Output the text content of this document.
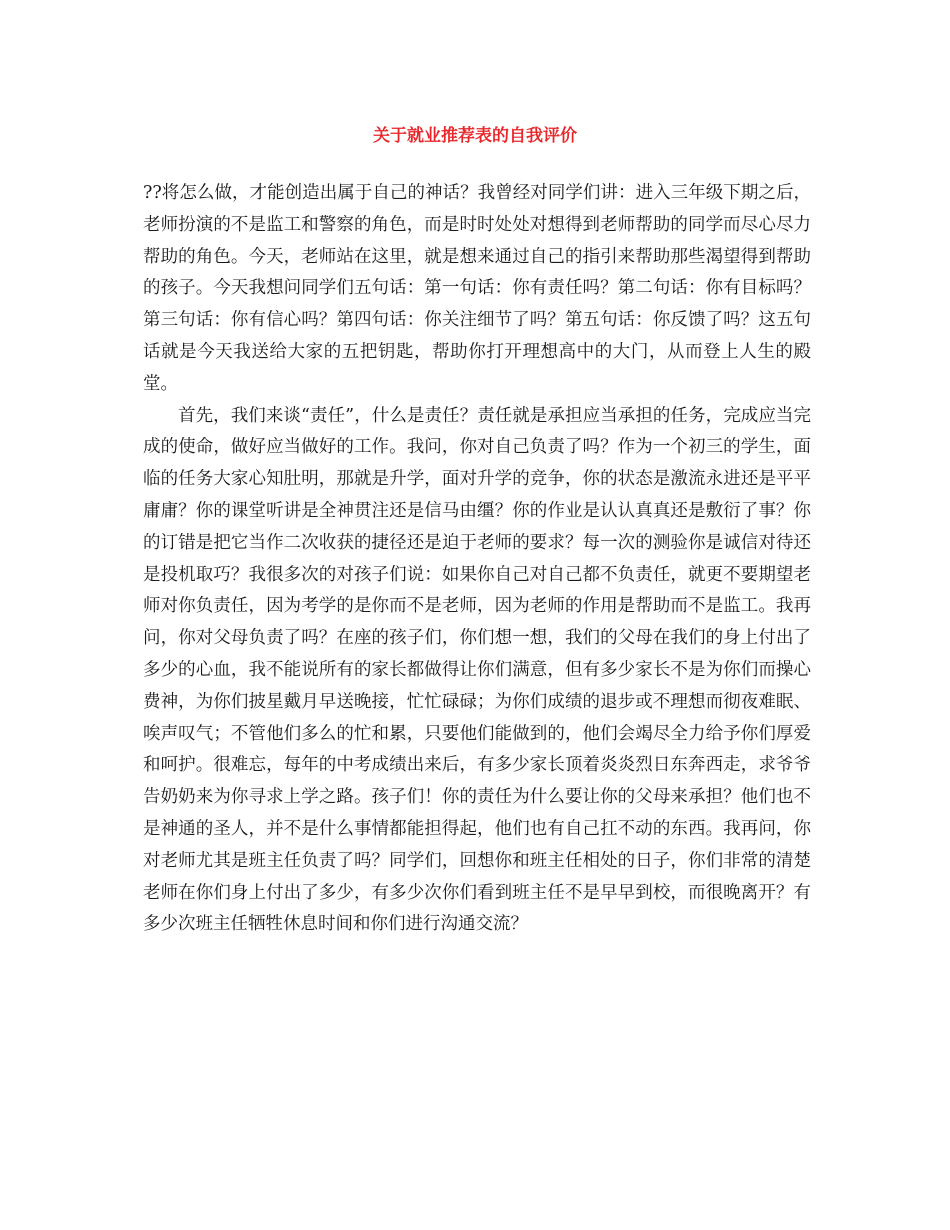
关于就业推荐表的自我评价

??将怎么做，才能创造出属于自己的神话？我曾经对同学们讲：进入三年级下期之后，老师扮演的不是监工和警察的角色，而是时时处处对想得到老师帮助的同学而尽心尽力帮助的角色。今天，老师站在这里，就是想来通过自己的指引来帮助那些渴望得到帮助的孩子。今天我想问同学们五句话：第一句话：你有责任吗？第二句话：你有目标吗？第三句话：你有信心吗？第四句话：你关注细节了吗？第五句话：你反馈了吗？这五句话就是今天我送给大家的五把钥匙，帮助你打开理想高中的大门，从而登上人生的殿堂。

首先，我们来谈“责任”，什么是责任？责任就是承担应当承担的任务，完成应当完成的使命，做好应当做好的工作。我问，你对自己负责了吗？作为一个初三的学生，面临的任务大家心知肚明，那就是升学，面对升学的竞争，你的状态是激流永进还是平平庸庸？你的课堂听讲是全神贯注还是信马由缰？你的作业是认认真真还是敷衍了事？你的订错是把它当作二次收获的捷径还是迫于老师的要求？每一次的测验你是诚信对待还是投机取巧？我很多次的对孩子们说：如果你自己对自己都不负责任，就更不要期望老师对你负责任，因为考学的是你而不是老师，因为老师的作用是帮助而不是监工。我再问，你对父母负责了吗？在座的孩子们，你们想一想，我们的父母在我们的身上付出了多少的心血，我不能说所有的家长都做得让你们满意，但有多少家长不是为你们而操心费神，为你们披星戴月早送晚接，忙忙碌碌；为你们成绩的退步或不理想而彻夜难眠、唉声叹气；不管他们多么的忙和累，只要他们能做到的，他们会竭尽全力给予你们厚爱和呵护。很难忘，每年的中考成绩出来后，有多少家长顶着炎炎烈日东奔西走，求爷爷告奶奶来为你寻求上学之路。孩子们！你的责任为什么要让你的父母来承担？他们也不是神通的圣人，并不是什么事情都能担得起，他们也有自己扛不动的东西。我再问，你对老师尤其是班主任负责了吗？同学们，回想你和班主任相处的日子，你们非常的清楚老师在你们身上付出了多少，有多少次你们看到班主任不是早早到校，而很晚离开？有多少次班主任牺牲休息时间和你们进行沟通交流？
